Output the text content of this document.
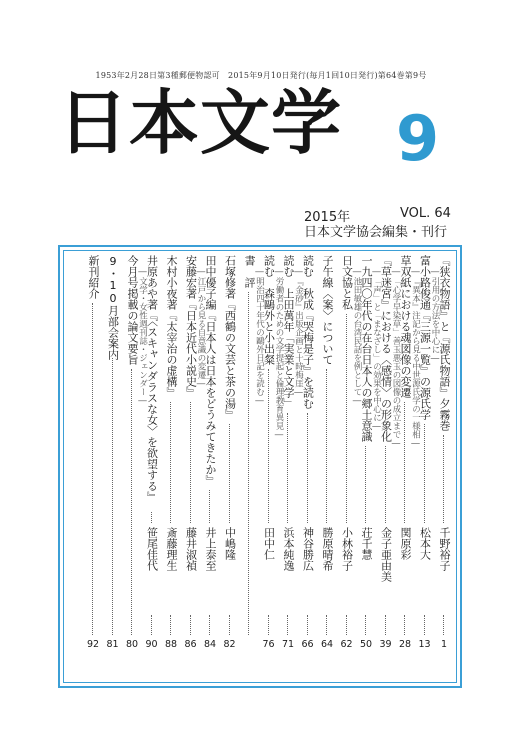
1953年2月28日第3種郵便物認可　2015年9月10日発行(毎月1回10日発行)第64巻第9号
日本文学 9
2015年	VOL. 64
日本文学協会編集・刊行
『狭衣物語』と『源氏物語』夕霧巻
―引用の方法を中心に―
千野裕子
1
富小路俊通『三源一覧』の源氏学
―『異本』注記から見る中世源氏学の一様相―
松本大
13
草双紙における魂図像の変遷
―「心学早染草」善玉悪玉の図像の成立まで―
関原彩
28
『草迷宮』における〈感情〉の形象化
―「声」と「まなざし」の効果を中心に―
金子亜由美
39
一九四〇年代の在台日本人の郷土意識
―池田敏雄の台湾民話を例として―
荘千慧
50
日文協と私
小林裕子
62
子午線〈案〉について
勝原晴希
64
読む　秋成『哭梅是子』を読む
―『金砂』出版企画と十時梅厓―
神谷勝広
66
読む　上田萬年「実業と文学」
―労働者のための文学提起と倫理教育異見―
浜本純逸
71
読む　森鷗外と小出粲
―明治四十年代の鷗外日記を読む―
田中仁
76
書　評
石塚修著『西鶴の文芸と茶の湯』
中嶋隆
82
田中優子編『日本人は日本をどうみてきたか』
―江戸から見る自意識の変遷―
井上泰至
84
安藤宏著『日本近代小説史』
藤井淑禎
86
木村小夜著『太宰治の虚構』
斎藤理生
88
井原あや著『〈スキャンダラスな女〉を欲望する』
―文学・女性週刊誌・ジェンダー―
笹尾佳代
90
今月号掲載の論文要旨
80
9・10月部会案内
81
新刊紹介
92
